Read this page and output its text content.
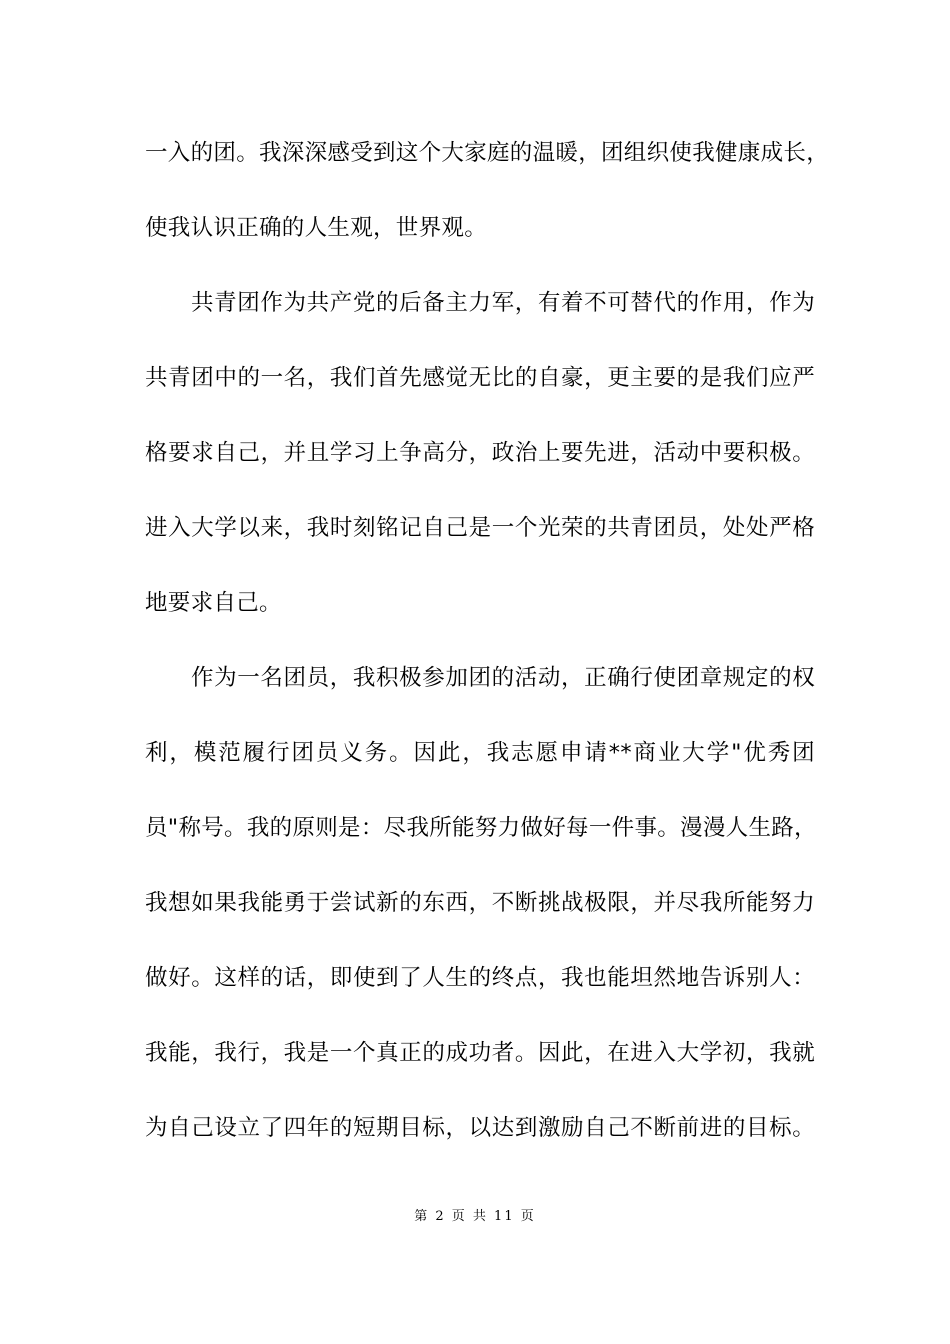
一入的团。我深深感受到这个大家庭的温暖，团组织使我健康成长，
使我认识正确的人生观，世界观。
共青团作为共产党的后备主力军，有着不可替代的作用，作为
共青团中的一名，我们首先感觉无比的自豪，更主要的是我们应严
格要求自己，并且学习上争高分，政治上要先进，活动中要积极。
进入大学以来，我时刻铭记自己是一个光荣的共青团员，处处严格
地要求自己。
作为一名团员，我积极参加团的活动，正确行使团章规定的权
利，模范履行团员义务。因此，我志愿申请**商业大学"优秀团
员"称号。我的原则是：尽我所能努力做好每一件事。漫漫人生路，
我想如果我能勇于尝试新的东西，不断挑战极限，并尽我所能努力
做好。这样的话，即使到了人生的终点，我也能坦然地告诉别人：
我能，我行，我是一个真正的成功者。因此，在进入大学初，我就
为自己设立了四年的短期目标，以达到激励自己不断前进的目标。
第 2 页 共 11 页
